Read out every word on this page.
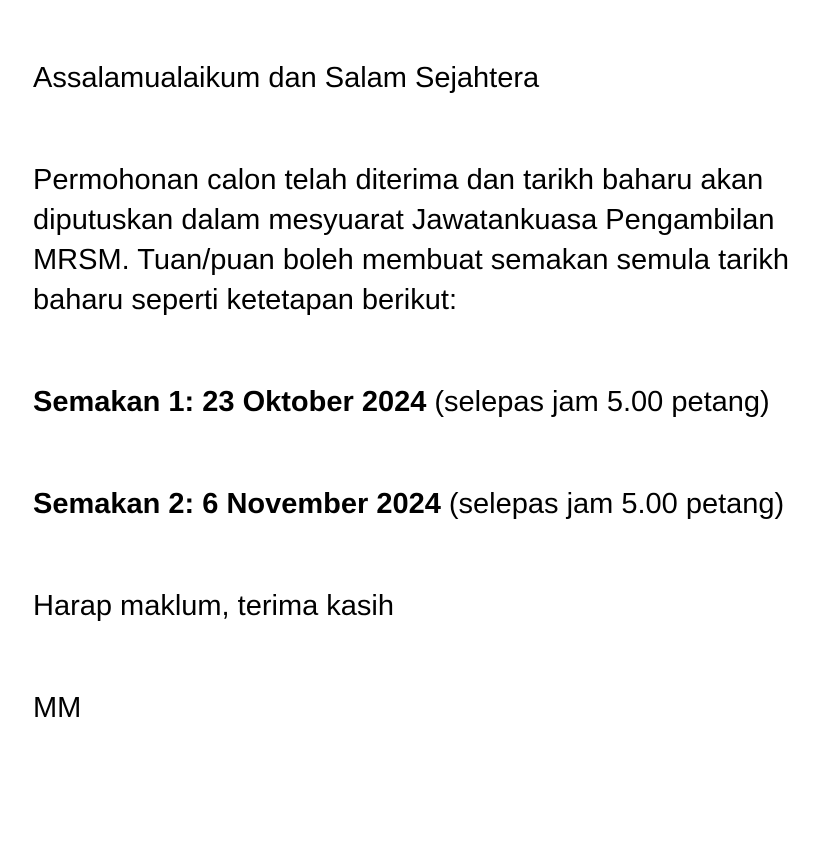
Assalamualaikum dan Salam Sejahtera

Permohonan calon telah diterima dan tarikh baharu akan diputuskan dalam mesyuarat Jawatankuasa Pengambilan MRSM. Tuan/puan boleh membuat semakan semula tarikh baharu seperti ketetapan berikut:

Semakan 1: 23 Oktober 2024 (selepas jam 5.00 petang)

Semakan 2: 6 November 2024 (selepas jam 5.00 petang)

Harap maklum, terima kasih

MM
